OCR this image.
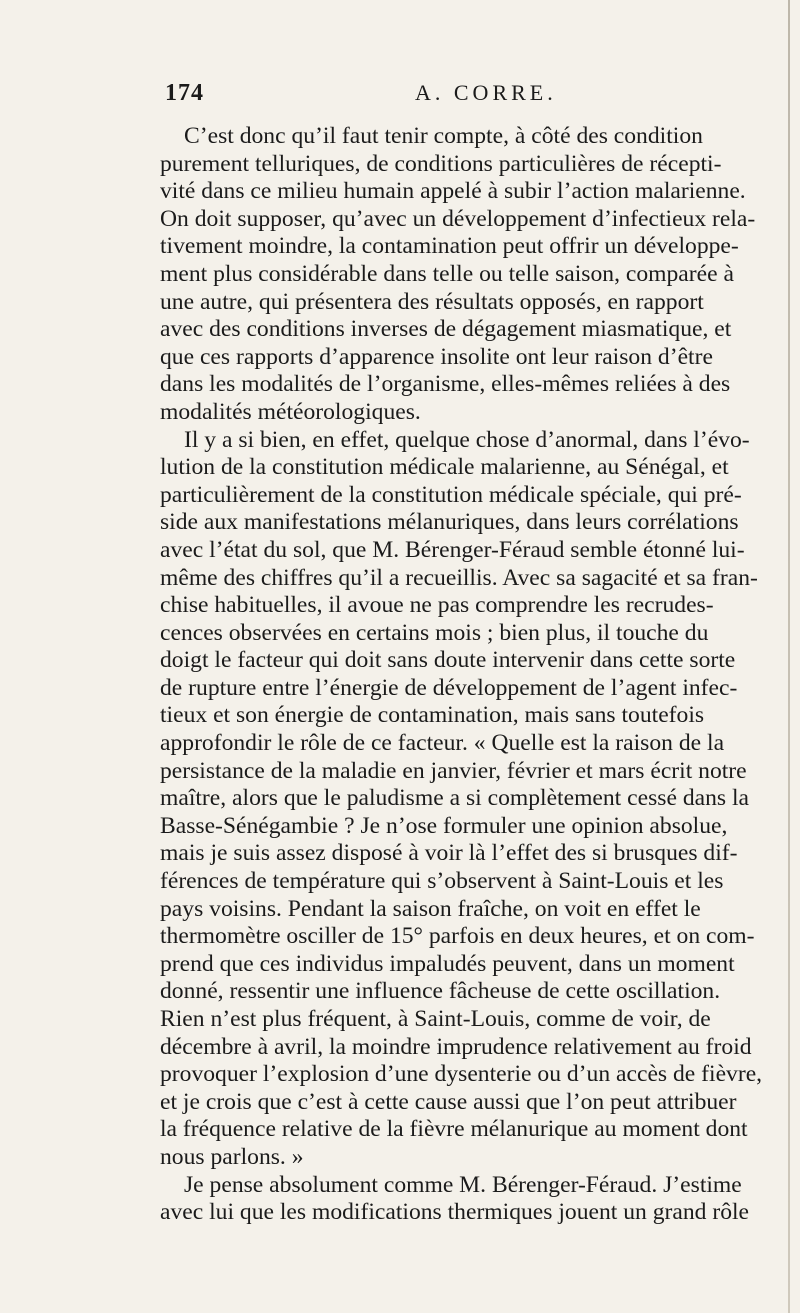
174	A. CORRE.
C’est donc qu’il faut tenir compte, à côté des condition
purement telluriques, de conditions particulières de récepti-
vité dans ce milieu humain appelé à subir l’action malarienne.
On doit supposer, qu’avec un développement d’infectieux rela-
tivement moindre, la contamination peut offrir un développe-
ment plus considérable dans telle ou telle saison, comparée à
une autre, qui présentera des résultats opposés, en rapport
avec des conditions inverses de dégagement miasmatique, et
que ces rapports d’apparence insolite ont leur raison d’être
dans les modalités de l’organisme, elles-mêmes reliées à des
modalités météorologiques.
Il y a si bien, en effet, quelque chose d’anormal, dans l’évo-
lution de la constitution médicale malarienne, au Sénégal, et
particulièrement de la constitution médicale spéciale, qui pré-
side aux manifestations mélanuriques, dans leurs corrélations
avec l’état du sol, que M. Bérenger-Féraud semble étonné lui-
même des chiffres qu’il a recueillis. Avec sa sagacité et sa fran-
chise habituelles, il avoue ne pas comprendre les recrudes-
cences observées en certains mois ; bien plus, il touche du
doigt le facteur qui doit sans doute intervenir dans cette sorte
de rupture entre l’énergie de développement de l’agent infec-
tieux et son énergie de contamination, mais sans toutefois
approfondir le rôle de ce facteur. « Quelle est la raison de la
persistance de la maladie en janvier, février et mars écrit notre
maître, alors que le paludisme a si complètement cessé dans la
Basse-Sénégambie ? Je n’ose formuler une opinion absolue,
mais je suis assez disposé à voir là l’effet des si brusques dif-
férences de température qui s’observent à Saint-Louis et les
pays voisins. Pendant la saison fraîche, on voit en effet le
thermomètre osciller de 15° parfois en deux heures, et on com-
prend que ces individus impaludés peuvent, dans un moment
donné, ressentir une influence fâcheuse de cette oscillation.
Rien n’est plus fréquent, à Saint-Louis, comme de voir, de
décembre à avril, la moindre imprudence relativement au froid
provoquer l’explosion d’une dysenterie ou d’un accès de fièvre,
et je crois que c’est à cette cause aussi que l’on peut attribuer
la fréquence relative de la fièvre mélanurique au moment dont
nous parlons. »
Je pense absolument comme M. Bérenger-Féraud. J’estime
avec lui que les modifications thermiques jouent un grand rôle
